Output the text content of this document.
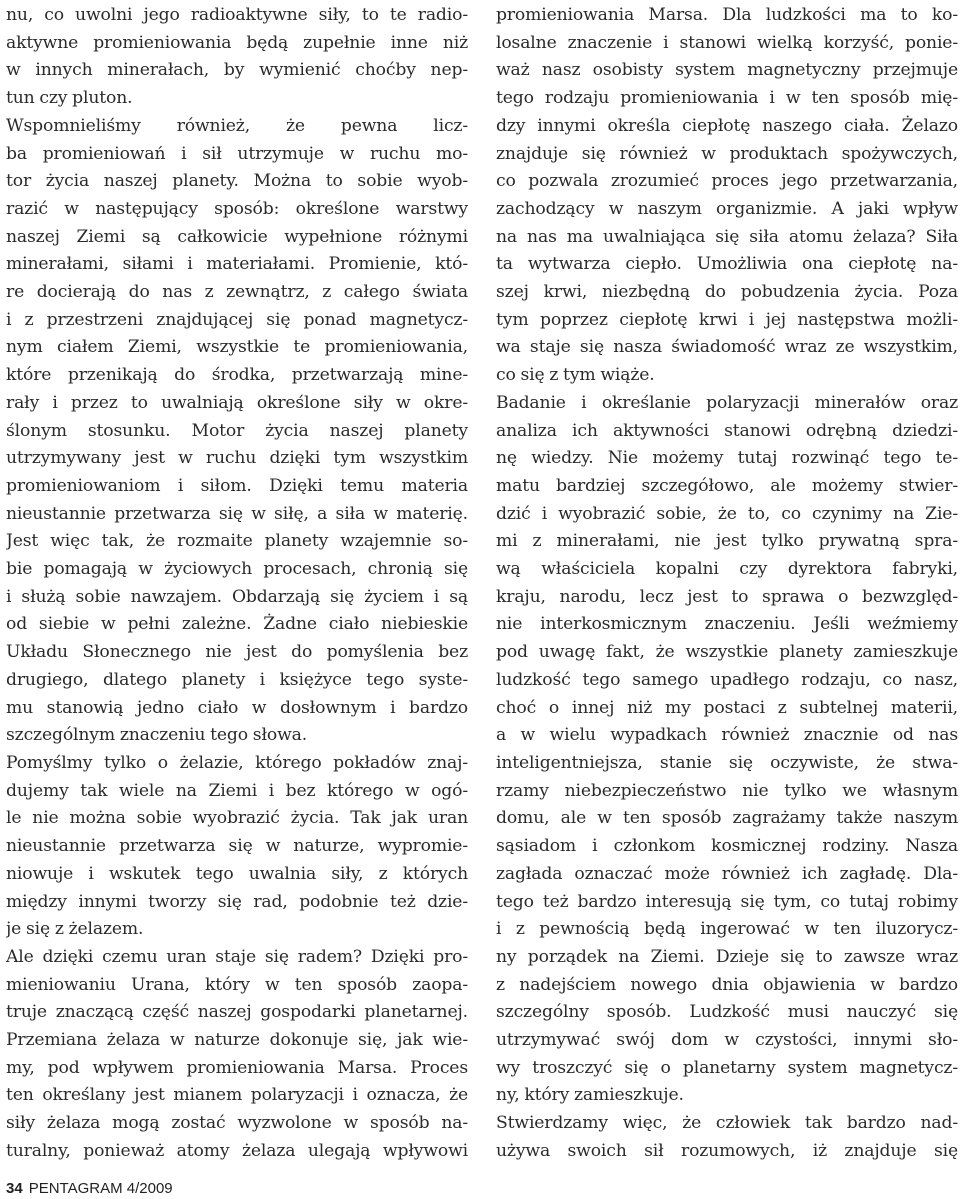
nu, co uwolni jego radioaktywne siły, to te radio-
aktywne promieniowania będą zupełnie inne niż
w innych minerałach, by wymienić choćby nep-
tun czy pluton.

Wspomnieliśmy również, że pewna licz-
ba promieniowań i sił utrzymuje w ruchu mo-
tor życia naszej planety. Można to sobie wyob-
razić w następujący sposób: określone warstwy
naszej Ziemi są całkowicie wypełnione różnymi
minerałami, siłami i materiałami. Promienie, któ-
re docierają do nas z zewnątrz, z całego świata
i z przestrzeni znajdującej się ponad magnetycz-
nym ciałem Ziemi, wszystkie te promieniowania,
które przenikają do środka, przetwarzają mine-
rały i przez to uwalniają określone siły w okre-
ślonym stosunku. Motor życia naszej planety
utrzymywany jest w ruchu dzięki tym wszystkim
promieniowaniom i siłom. Dzięki temu materia
nieustannie przetwarza się w siłę, a siła w materię.
Jest więc tak, że rozmaite planety wzajemnie so-
bie pomagają w życiowych procesach, chronią się
i służą sobie nawzajem. Obdarzają się życiem i są
od siebie w pełni zależne. Żadne ciało niebieskie
Układu Słonecznego nie jest do pomyślenia bez
drugiego, dlatego planety i księżyce tego syste-
mu stanowią jedno ciało w dosłownym i bardzo
szczególnym znaczeniu tego słowa.

Pomyślmy tylko o żelazie, którego pokładów znaj-
dujemy tak wiele na Ziemi i bez którego w ogó-
le nie można sobie wyobrazić życia. Tak jak uran
nieustannie przetwarza się w naturze, wypromie-
niowuje i wskutek tego uwalnia siły, z których
między innymi tworzy się rad, podobnie też dzie-
je się z żelazem.

Ale dzięki czemu uran staje się radem? Dzięki pro-
mieniowaniu Urana, który w ten sposób zaopa-
truje znaczącą część naszej gospodarki planetarnej.
Przemiana żelaza w naturze dokonuje się, jak wie-
my, pod wpływem promieniowania Marsa. Proces
ten określany jest mianem polaryzacji i oznacza, że
siły żelaza mogą zostać wyzwolone w sposób na-
turalny, ponieważ atomy żelaza ulegają wpływowi

promieniowania Marsa. Dla ludzkości ma to ko-
losalne znaczenie i stanowi wielką korzyść, ponie-
waż nasz osobisty system magnetyczny przejmuje
tego rodzaju promieniowania i w ten sposób mię-
dzy innymi określa ciepłotę naszego ciała. Żelazo
znajduje się również w produktach spożywczych,
co pozwala zrozumieć proces jego przetwarzania,
zachodzący w naszym organizmie. A jaki wpływ
na nas ma uwalniająca się siła atomu żelaza? Siła
ta wytwarza ciepło. Umożliwia ona ciepłotę na-
szej krwi, niezbędną do pobudzenia życia. Poza
tym poprzez ciepłotę krwi i jej następstwa możli-
wa staje się nasza świadomość wraz ze wszystkim,
co się z tym wiąże.

Badanie i określanie polaryzacji minerałów oraz
analiza ich aktywności stanowi odrębną dziedzi-
nę wiedzy. Nie możemy tutaj rozwinąć tego te-
matu bardziej szczegółowo, ale możemy stwier-
dzić i wyobrazić sobie, że to, co czynimy na Zie-
mi z minerałami, nie jest tylko prywatną spra-
wą właściciela kopalni czy dyrektora fabryki,
kraju, narodu, lecz jest to sprawa o bezwzględ-
nie interkosmicznym znaczeniu. Jeśli weźmiemy
pod uwagę fakt, że wszystkie planety zamieszkuje
ludzkość tego samego upadłego rodzaju, co nasz,
choć o innej niż my postaci z subtelnej materii,
a w wielu wypadkach również znacznie od nas
inteligentniejsza, stanie się oczywiste, że stwa-
rzamy niebezpieczeństwo nie tylko we własnym
domu, ale w ten sposób zagrażamy także naszym
sąsiadom i członkom kosmicznej rodziny. Nasza
zagłada oznaczać może również ich zagładę. Dla-
tego też bardzo interesują się tym, co tutaj robimy
i z pewnością będą ingerować w ten iluzorycz-
ny porządek na Ziemi. Dzieje się to zawsze wraz
z nadejściem nowego dnia objawienia w bardzo
szczególny sposób. Ludzkość musi nauczyć się
utrzymywać swój dom w czystości, innymi sło-
wy troszczyć się o planetarny system magnetycz-
ny, który zamieszkuje.

Stwierdzamy więc, że człowiek tak bardzo nad-
używa swoich sił rozumowych, iż znajduje się

34 PENTAGRAM 4/2009
